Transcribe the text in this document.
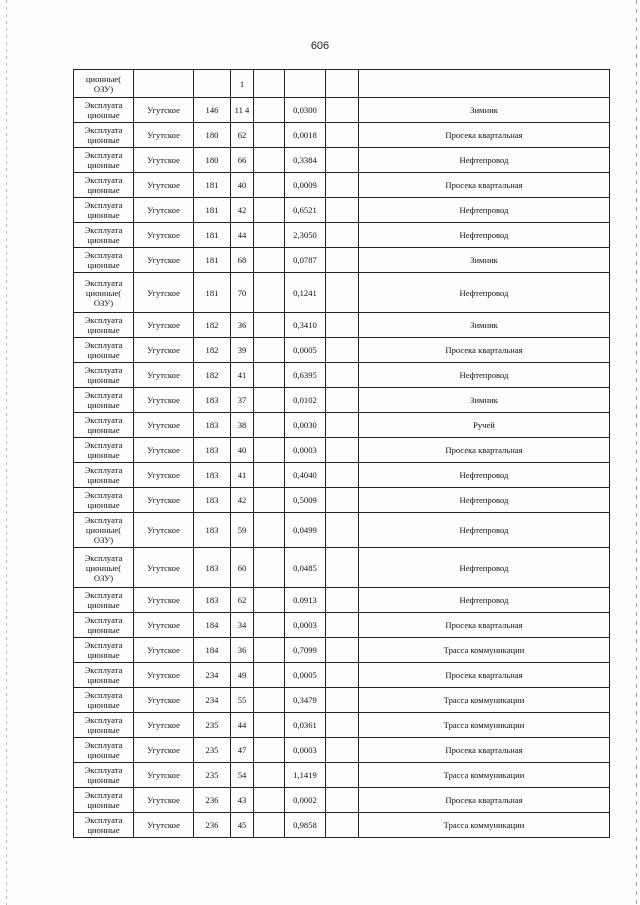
606
ционные( ОЗУ)			1				
Эксплуата ционные	Угутское	146	11 4		0,0300		Зимник
Эксплуата ционные	Угутское	180	62		0,0018		Просека квартальная
Эксплуата ционные	Угутское	180	66		0,3384		Нефтепровод
Эксплуата ционные	Угутское	181	40		0,0009		Просека квартальная
Эксплуата ционные	Угутское	181	42		0,6521		Нефтепровод
Эксплуата ционные	Угутское	181	44		2,3050		Нефтепровод
Эксплуата ционные	Угутское	181	68		0,0787		Зимник
Эксплуата ционные( ОЗУ)	Угутское	181	70		0,1241		Нефтепровод
Эксплуата ционные	Угутское	182	36		0,3410		Зимник
Эксплуата ционные	Угутское	182	39		0,0005		Просека квартальная
Эксплуата ционные	Угутское	182	41		0,6395		Нефтепровод
Эксплуата ционные	Угутское	183	37		0,0102		Зимник
Эксплуата ционные	Угутское	183	38		0,0030		Ручей
Эксплуата ционные	Угутское	183	40		0,0003		Просека квартальная
Эксплуата ционные	Угутское	183	41		0,4040		Нефтепровод
Эксплуата ционные	Угутское	183	42		0,5009		Нефтепровод
Эксплуата ционные( ОЗУ)	Угутское	183	59		0,0499		Нефтепровод
Эксплуата ционные( ОЗУ)	Угутское	183	60		0,0485		Нефтепровод
Эксплуата ционные	Угутское	183	62		0.0913		Нефтепровод
Эксплуата ционные	Угутское	184	34		0,0003		Просека квартальная
Эксплуата ционные	Угутское	184	36		0,7099		Трасса коммуникации
Эксплуата ционные	Угутское	234	49		0,0005		Просека квартальная
Эксплуата ционные	Угутское	234	55		0,3479		Трасса коммуникации
Эксплуата ционные	Угутское	235	44		0,0361		Трасса коммуникации
Эксплуата ционные	Угутское	235	47		0,0003		Просека квартальная
Эксплуата ционные	Угутское	235	54		1,1419		Трасса коммуникации
Эксплуата ционные	Угутское	236	43		0,0002		Просека квартальная
Эксплуата ционные	Угутское	236	45		0,9858		Трасса коммуникации
